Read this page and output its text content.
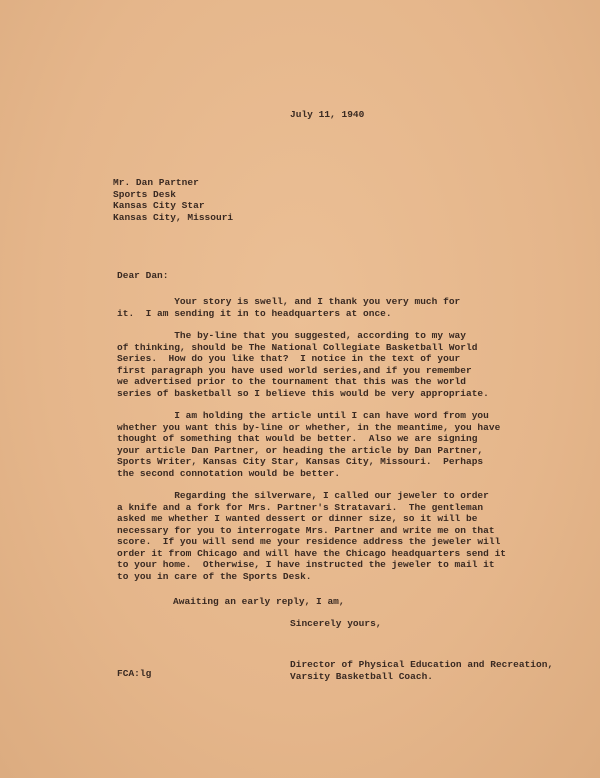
July 11, 1940
Mr. Dan Partner
Sports Desk
Kansas City Star
Kansas City, Missouri
Dear Dan:
Your story is swell, and I thank you very much for
it.  I am sending it in to headquarters at once.
The by-line that you suggested, according to my way
of thinking, should be The National Collegiate Basketball World
Series.  How do you like that?  I notice in the text of your
first paragraph you have used world series,and if you remember
we advertised prior to the tournament that this was the world
series of basketball so I believe this would be very appropriate.
I am holding the article until I can have word from you
whether you want this by-line or whether, in the meantime, you have
thought of something that would be better.  Also we are signing
your article Dan Partner, or heading the article by Dan Partner,
Sports Writer, Kansas City Star, Kansas City, Missouri.  Perhaps
the second connotation would be better.
Regarding the silverware, I called our jeweler to order
a knife and a fork for Mrs. Partner's Stratavari.  The gentleman
asked me whether I wanted dessert or dinner size, so it will be
necessary for you to interrogate Mrs. Partner and write me on that
score.  If you will send me your residence address the jeweler will
order it from Chicago and will have the Chicago headquarters send it
to your home.  Otherwise, I have instructed the jeweler to mail it
to you in care of the Sports Desk.
Awaiting an early reply, I am,
Sincerely yours,
Director of Physical Education and Recreation,
Varsity Basketball Coach.
FCA:lg
